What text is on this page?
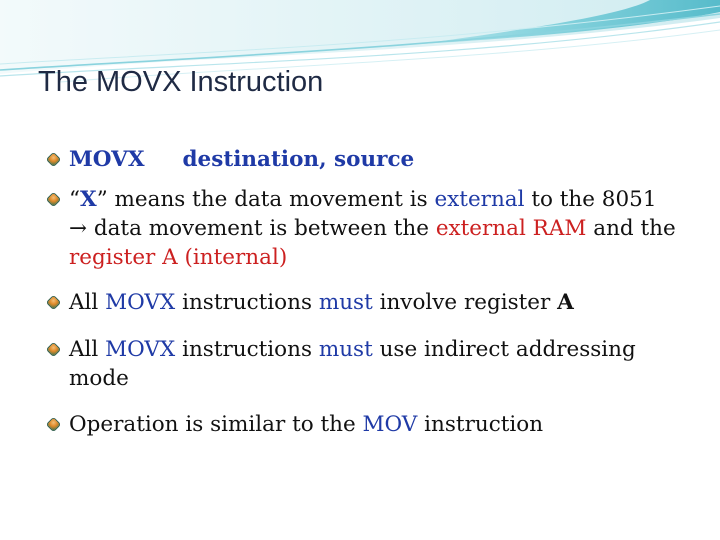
The MOVX Instruction
MOVX destination, source
“X” means the data movement is external to the 8051
→ data movement is between the external RAM and the register A (internal)
All MOVX instructions must involve register A
All MOVX instructions must use indirect addressing mode
Operation is similar to the MOV instruction
